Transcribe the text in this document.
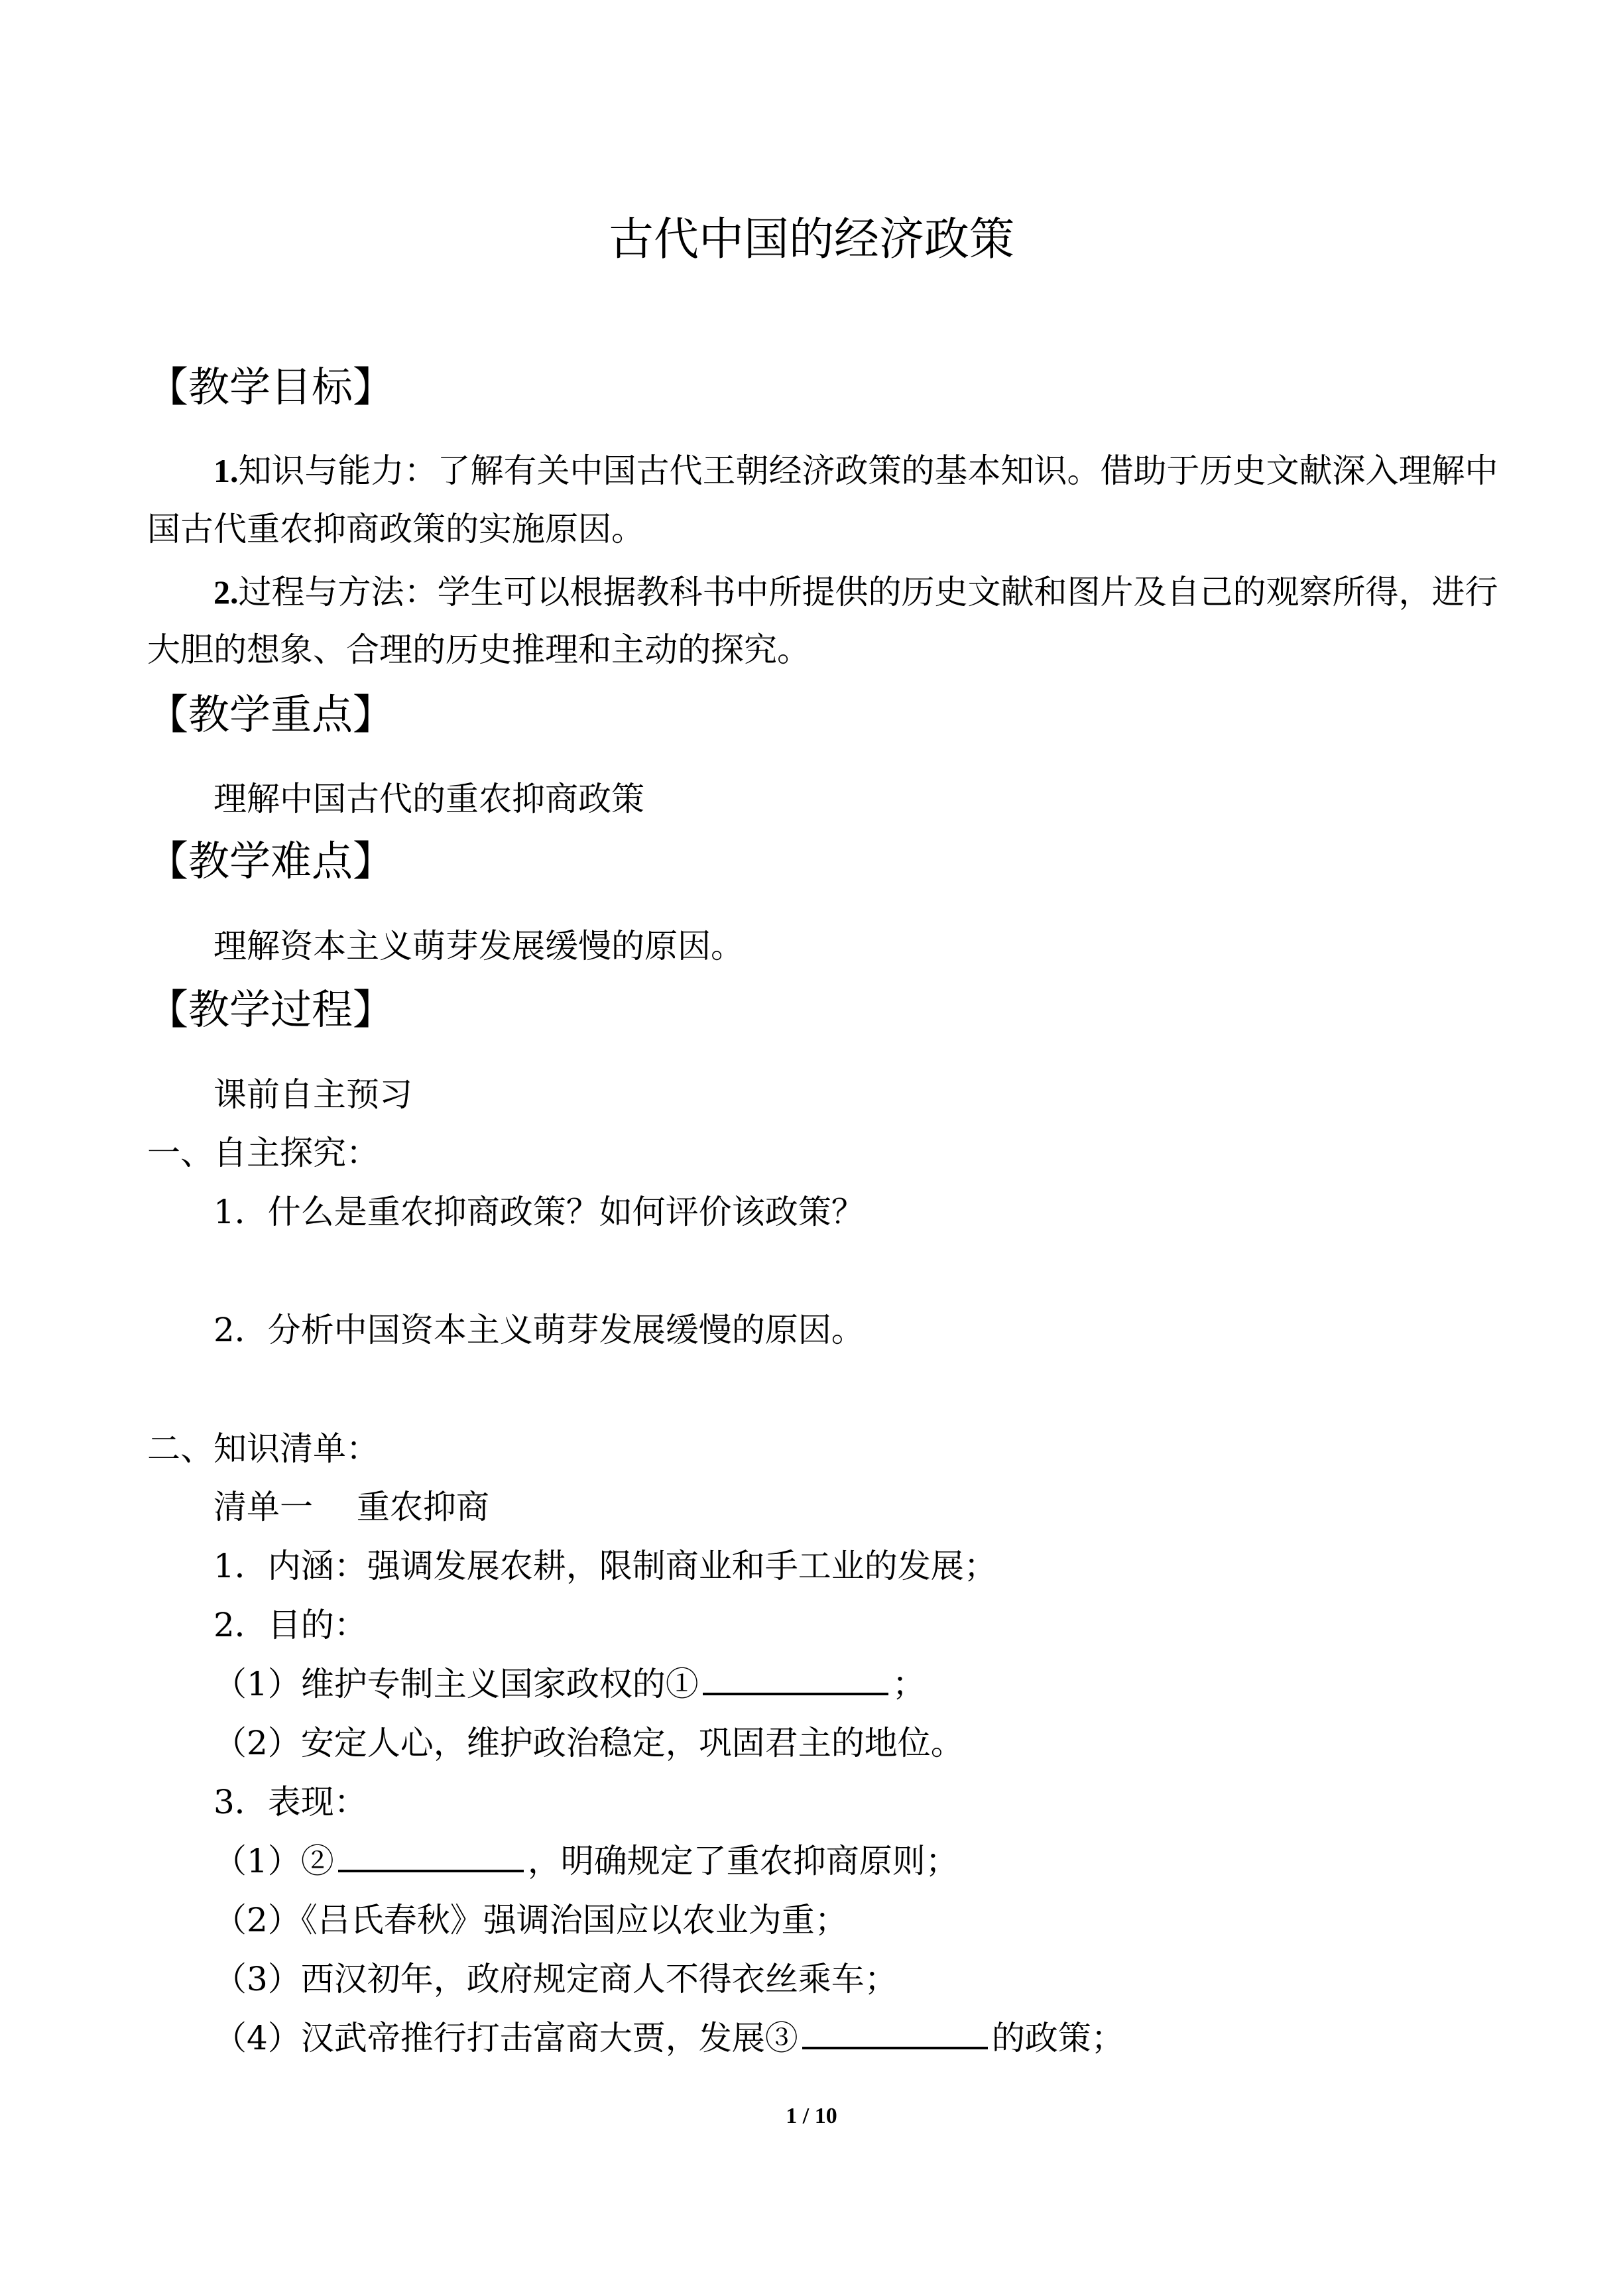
古代中国的经济政策
【教学目标】
1.知识与能力：了解有关中国古代王朝经济政策的基本知识。借助于历史文献深入理解中
国古代重农抑商政策的实施原因。
2.过程与方法：学生可以根据教科书中所提供的历史文献和图片及自己的观察所得，进行
大胆的想象、合理的历史推理和主动的探究。
【教学重点】
理解中国古代的重农抑商政策
【教学难点】
理解资本主义萌芽发展缓慢的原因。
【教学过程】
课前自主预习
一、自主探究：
1．什么是重农抑商政策？如何评价该政策？
2．分析中国资本主义萌芽发展缓慢的原因。
二、知识清单：
清单一　 重农抑商
1．内涵：强调发展农耕，限制商业和手工业的发展；
2．目的：
（1）维护专制主义国家政权的①	；
（2）安定人心，维护政治稳定，巩固君主的地位。
3．表现：
（1）②	，明确规定了重农抑商原则；
（2）《吕氏春秋》强调治国应以农业为重；
（3）西汉初年，政府规定商人不得衣丝乘车；
（4）汉武帝推行打击富商大贾，发展③	的政策；
1 / 10
